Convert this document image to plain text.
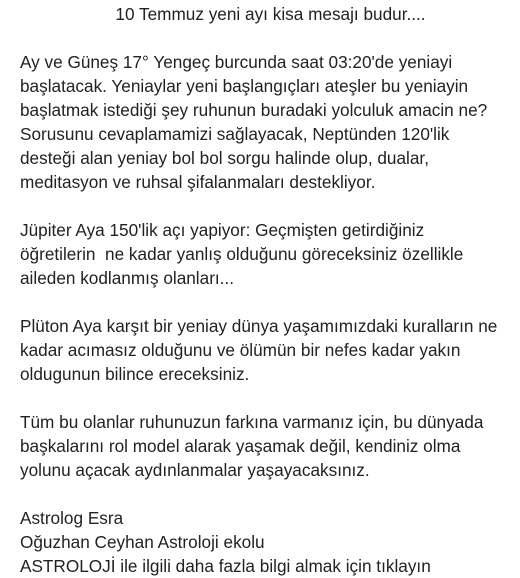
10 Temmuz yeni ayı kisa mesajı budur....
Ay ve Güneş 17° Yengeç burcunda saat 03:20'de yeniayi
başlatacak. Yeniaylar yeni başlangıçları ateşler bu yeniayin
başlatmak istediği şey ruhunun buradaki yolculuk amacin ne?
Sorusunu cevaplamamizi sağlayacak, Neptünden 120'lik
desteği alan yeniay bol bol sorgu halinde olup, dualar,
meditasyon ve ruhsal şifalanmaları destekliyor.
Jüpiter Aya 150'lik açı yapiyor: Geçmişten getirdiğiniz
öğretilerin  ne kadar yanlış olduğunu göreceksiniz özellikle
aileden kodlanmış olanları...
Plüton Aya karşıt bir yeniay dünya yaşamımızdaki kuralların ne
kadar acımasız olduğunu ve ölümün bir nefes kadar yakın
oldugunun bilince ereceksiniz.
Tüm bu olanlar ruhunuzun farkına varmanız için, bu dünyada
başkalarını rol model alarak yaşamak değil, kendiniz olma
yolunu açacak aydınlanmalar yaşayacaksınız.
Astrolog Esra
Oğuzhan Ceyhan Astroloji ekolu
ASTROLOJİ ile ilgili daha fazla bilgi almak için tıklayın
